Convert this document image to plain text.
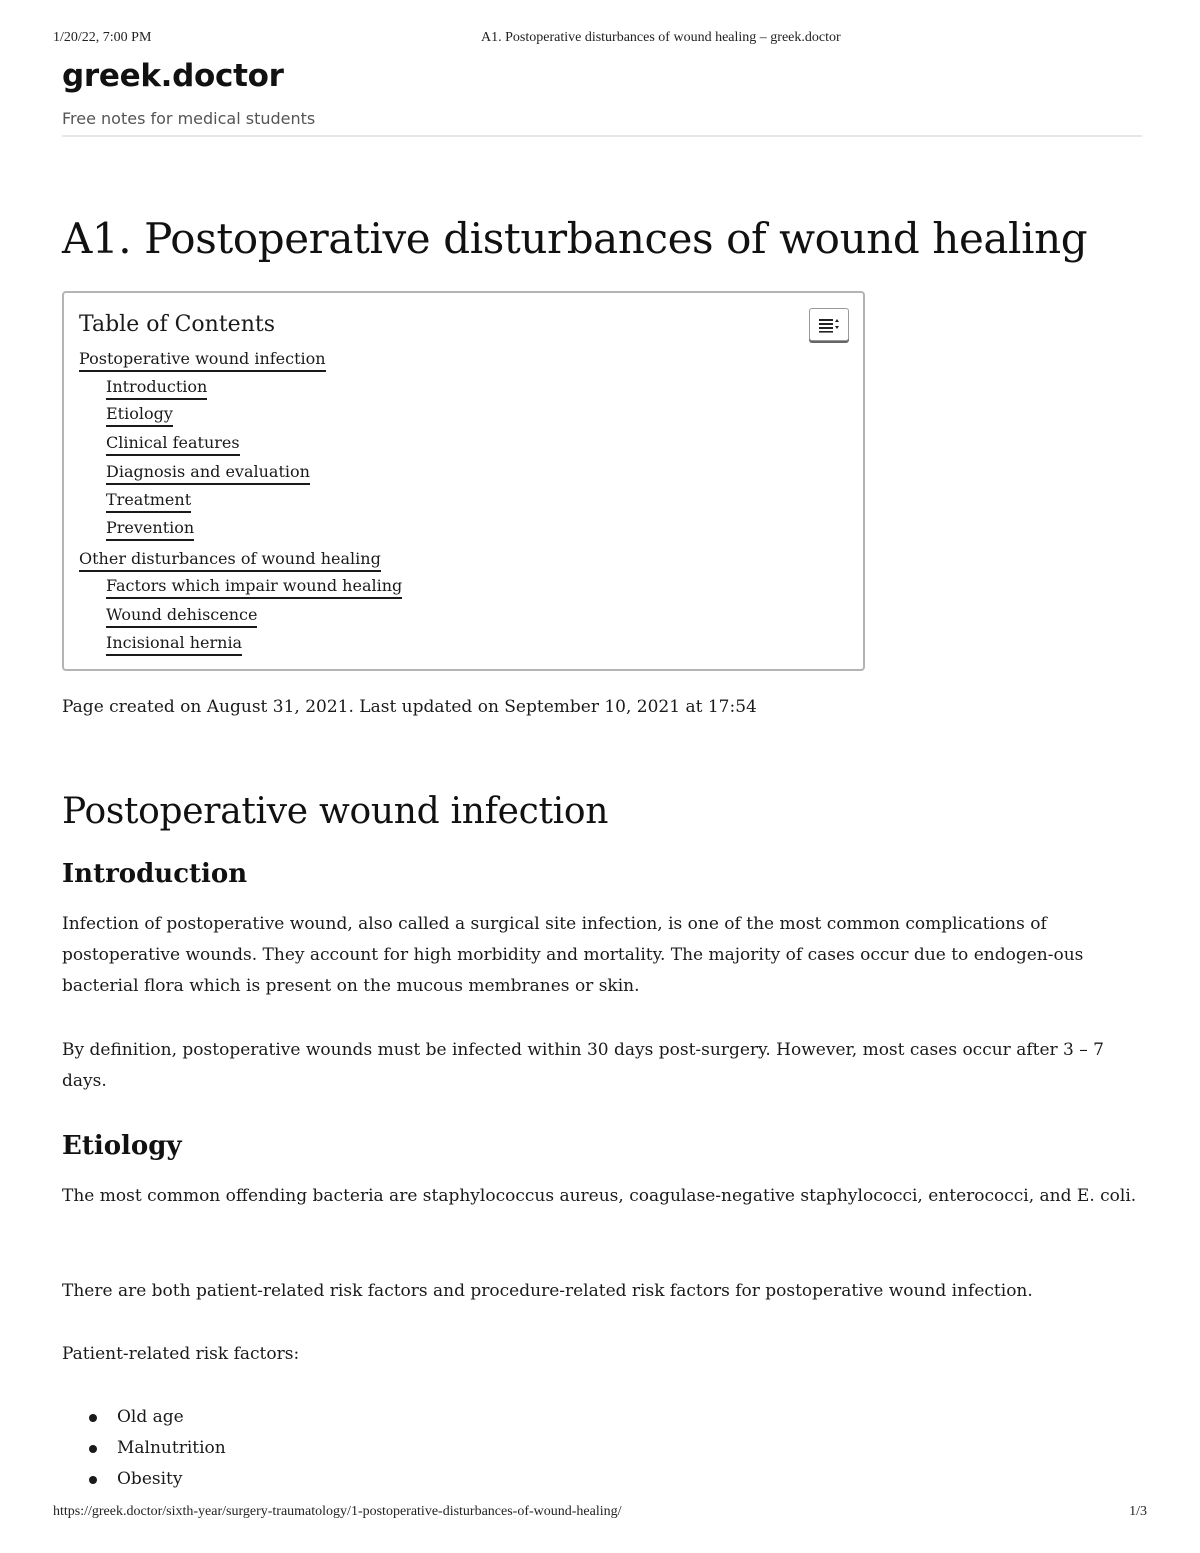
1/20/22, 7:00 PM	A1. Postoperative disturbances of wound healing – greek.doctor
greek.doctor
Free notes for medical students
A1. Postoperative disturbances of wound healing
Table of Contents
Postoperative wound infection
Introduction
Etiology
Clinical features
Diagnosis and evaluation
Treatment
Prevention
Other disturbances of wound healing
Factors which impair wound healing
Wound dehiscence
Incisional hernia
Page created on August 31, 2021. Last updated on September 10, 2021 at 17:54
Postoperative wound infection
Introduction

Infection of postoperative wound, also called a surgical site infection, is one of the most common complications of postoperative wounds. They account for high morbidity and mortality. The majority of cases occur due to endogen-ous bacterial flora which is present on the mucous membranes or skin.

By definition, postoperative wounds must be infected within 30 days post-surgery. However, most cases occur after 3 – 7 days.

Etiology

The most common offending bacteria are staphylococcus aureus, coagulase-negative staphylococci, enterococci, and E. coli.

There are both patient-related risk factors and procedure-related risk factors for postoperative wound infection.

Patient-related risk factors:

Old age
Malnutrition
Obesity
https://greek.doctor/sixth-year/surgery-traumatology/1-postoperative-disturbances-of-wound-healing/	1/3
